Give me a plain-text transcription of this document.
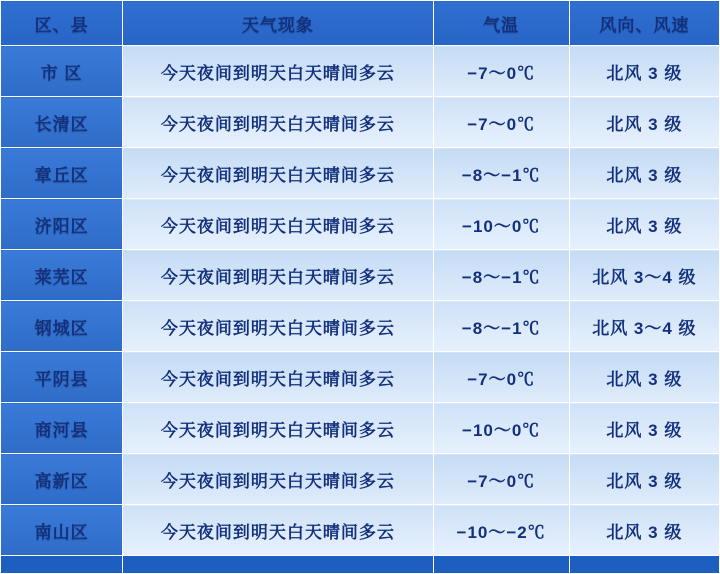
区、县	天气现象	气温	风向、风速
市 区	今天夜间到明天白天晴间多云	−7～0℃	北风 3 级
长清区	今天夜间到明天白天晴间多云	−7～0℃	北风 3 级
章丘区	今天夜间到明天白天晴间多云	−8～−1℃	北风 3 级
济阳区	今天夜间到明天白天晴间多云	−10～0℃	北风 3 级
莱芜区	今天夜间到明天白天晴间多云	−8～−1℃	北风 3～4 级
钢城区	今天夜间到明天白天晴间多云	−8～−1℃	北风 3～4 级
平阴县	今天夜间到明天白天晴间多云	−7～0℃	北风 3 级
商河县	今天夜间到明天白天晴间多云	−10～0℃	北风 3 级
高新区	今天夜间到明天白天晴间多云	−7～0℃	北风 3 级
南山区	今天夜间到明天白天晴间多云	−10～−2℃	北风 3 级
